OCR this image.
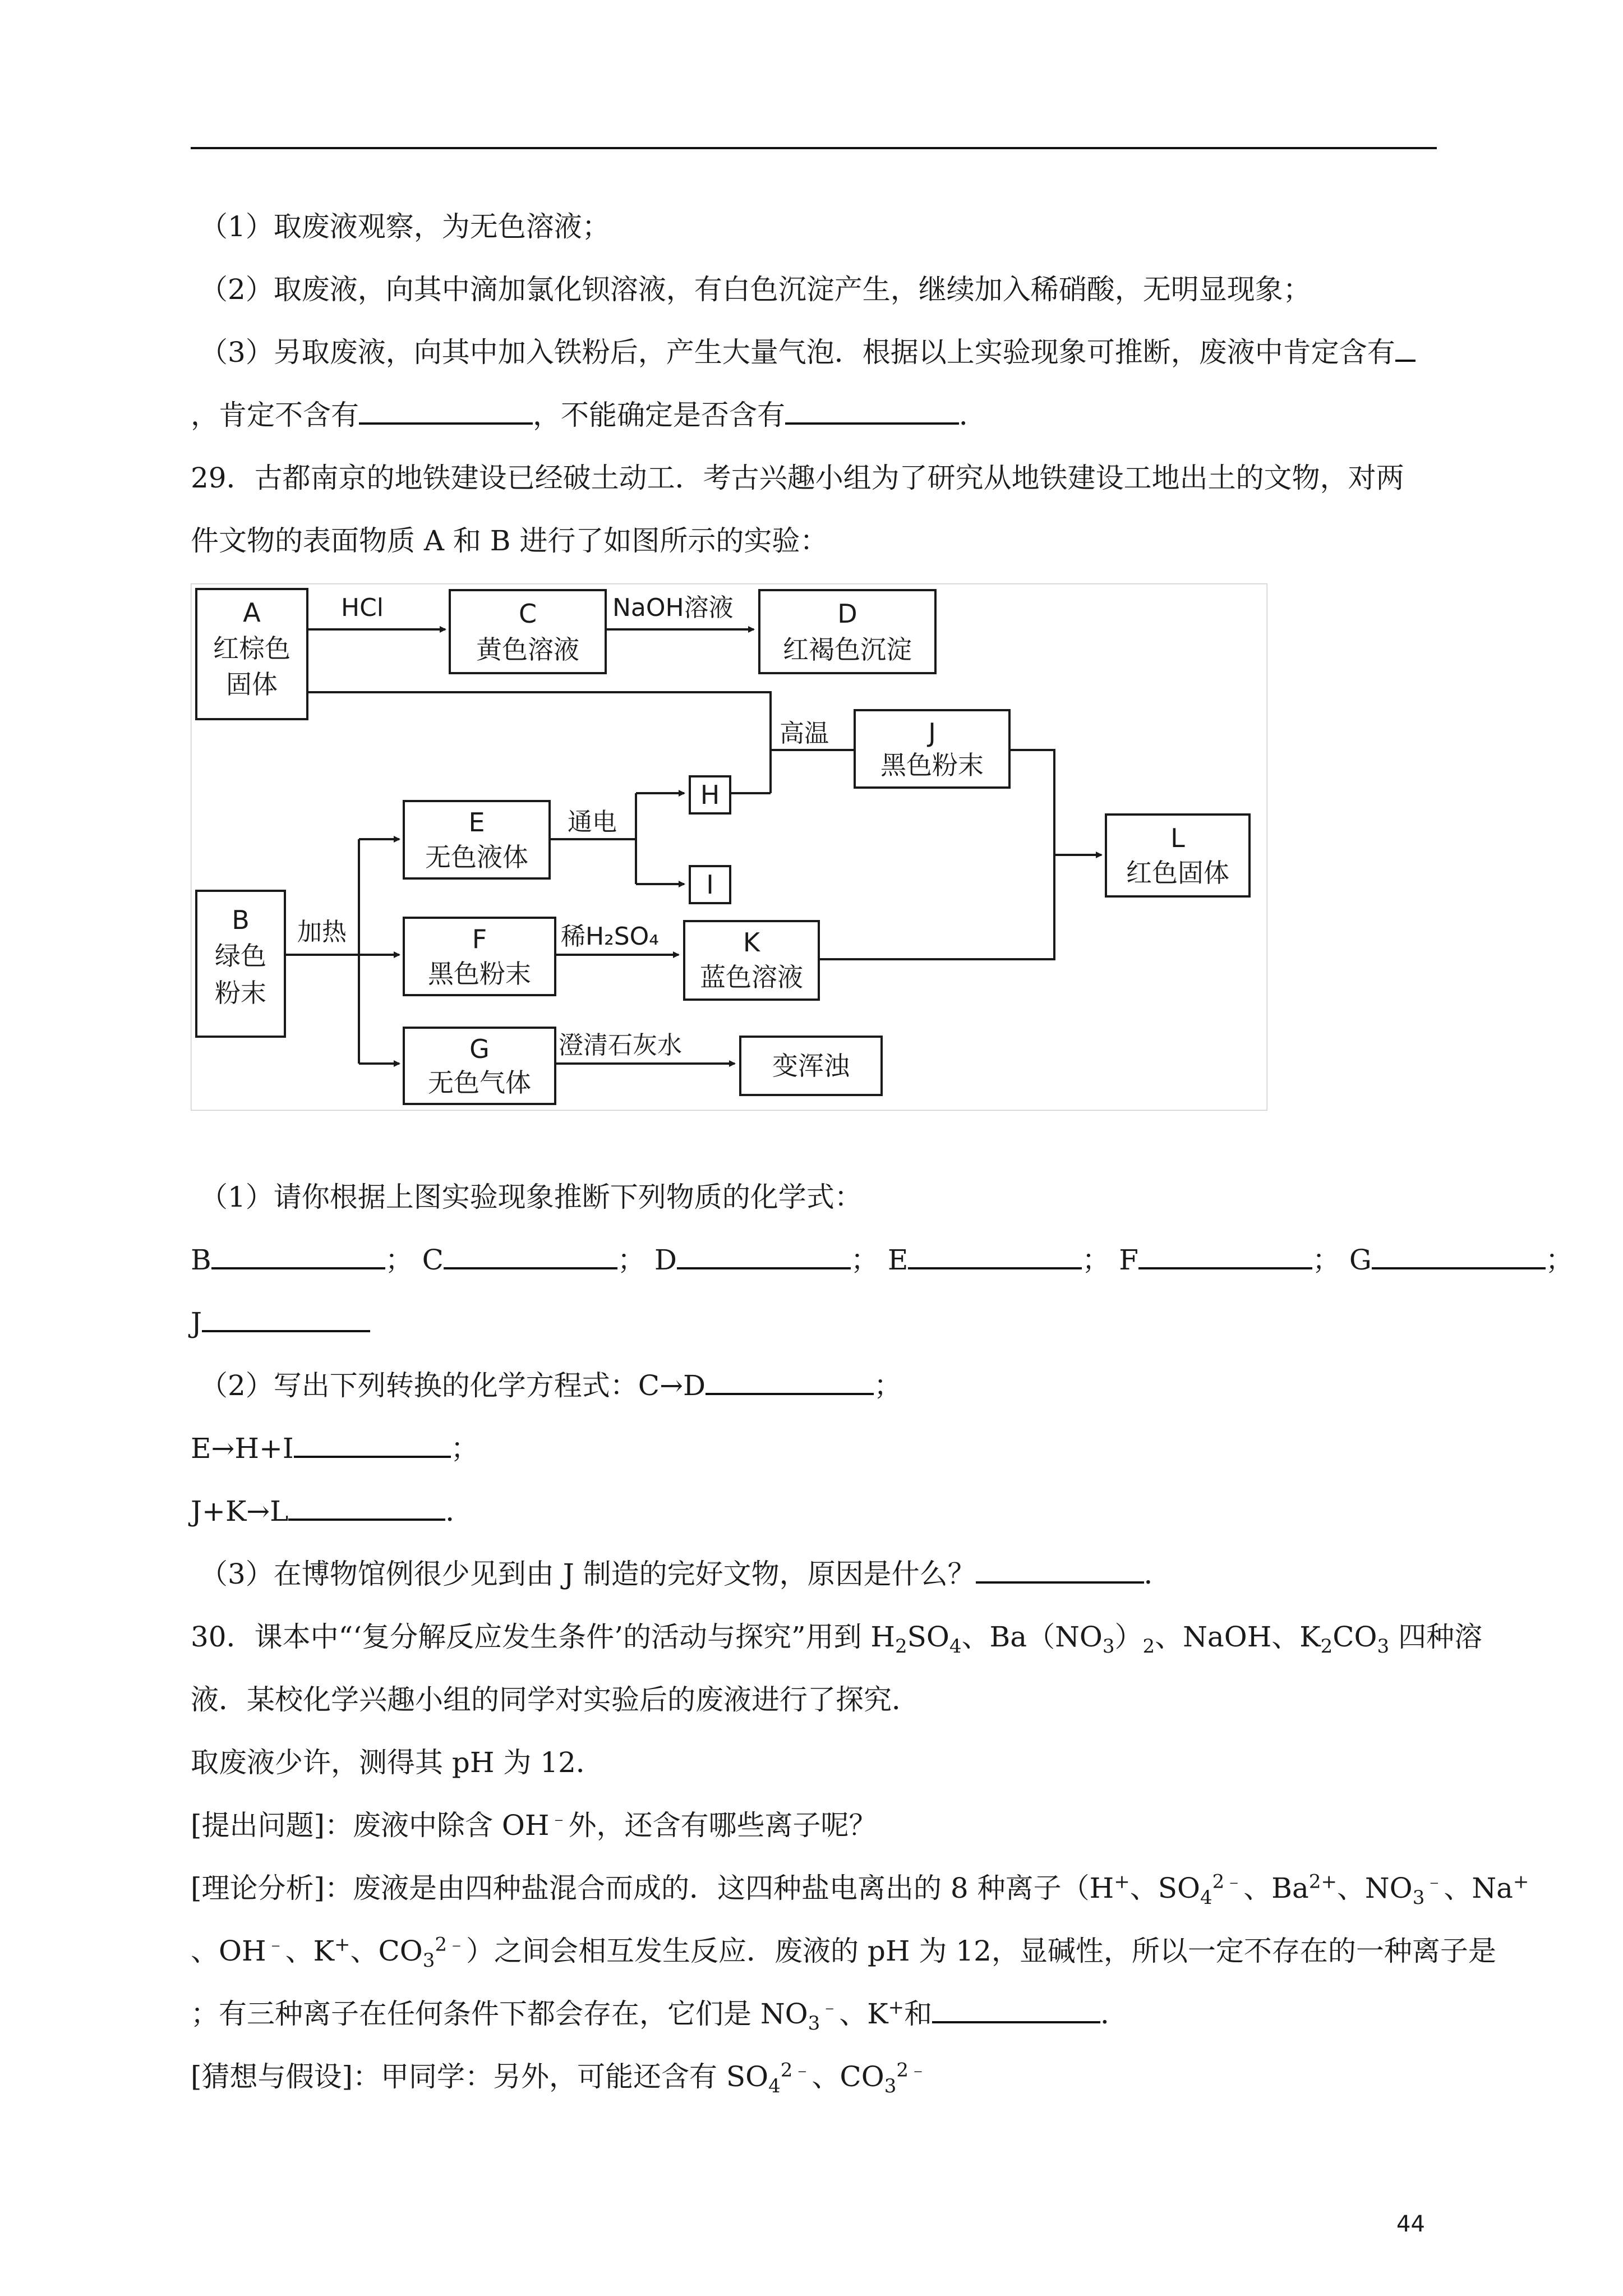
（1）取废液观察，为无色溶液；
（2）取废液，向其中滴加氯化钡溶液，有白色沉淀产生，继续加入稀硝酸，无明显现象；
（3）另取废液，向其中加入铁粉后，产生大量气泡．根据以上实验现象可推断，废液中肯定含有
，肯定不含有	，不能确定是否含有	．
29．古都南京的地铁建设已经破土动工．考古兴趣小组为了研究从地铁建设工地出土的文物，对两
件文物的表面物质 A 和 B 进行了如图所示的实验：
HCl	NaOH溶液
高温
通电
加热	稀H₂SO₄
澄清石灰水
A
红棕色
固体
C
黄色溶液
D
红褐色沉淀
J
黑色粉末
H
I
E
无色液体
L
红色固体
B
绿色
粉末
F
黑色粉末
K
蓝色溶液
G
无色气体
变浑浊
（1）请你根据上图实验现象推断下列物质的化学式：
B	； C	； D	； E	； F	； G	；
J
（2）写出下列转换的化学方程式：C→D	；
E→H+I	；
J+K→L	．
（3）在博物馆例很少见到由 J 制造的完好文物，原因是什么？	．
30．课本中“‘复分解反应发生条件’的活动与探究”用到 $H_2SO_4$、$Ba(NO_3)_2$、NaOH、$K_2CO_3$ 四种溶
液．某校化学兴趣小组的同学对实验后的废液进行了探究．
取废液少许，测得其 pH 为 12．
[提出问题]：废液中除含 OH﹣外，还含有哪些离子呢？
[理论分析]：废液是由四种盐混合而成的．这四种盐电离出的 8 种离子（H+、$SO_4^{2﹣}$、$Ba^{2+}$、$NO_3^﹣$、Na+
、OH﹣、K+、$CO_3^{2﹣}$）之间会相互发生反应．废液的 pH 为 12，显碱性，所以一定不存在的一种离子是
；有三种离子在任何条件下都会存在，它们是 $NO_3^﹣$、K+和	．
[猜想与假设]：甲同学：另外，可能还含有 $SO_4^{2﹣}$、$CO_3^{2﹣}$
44
